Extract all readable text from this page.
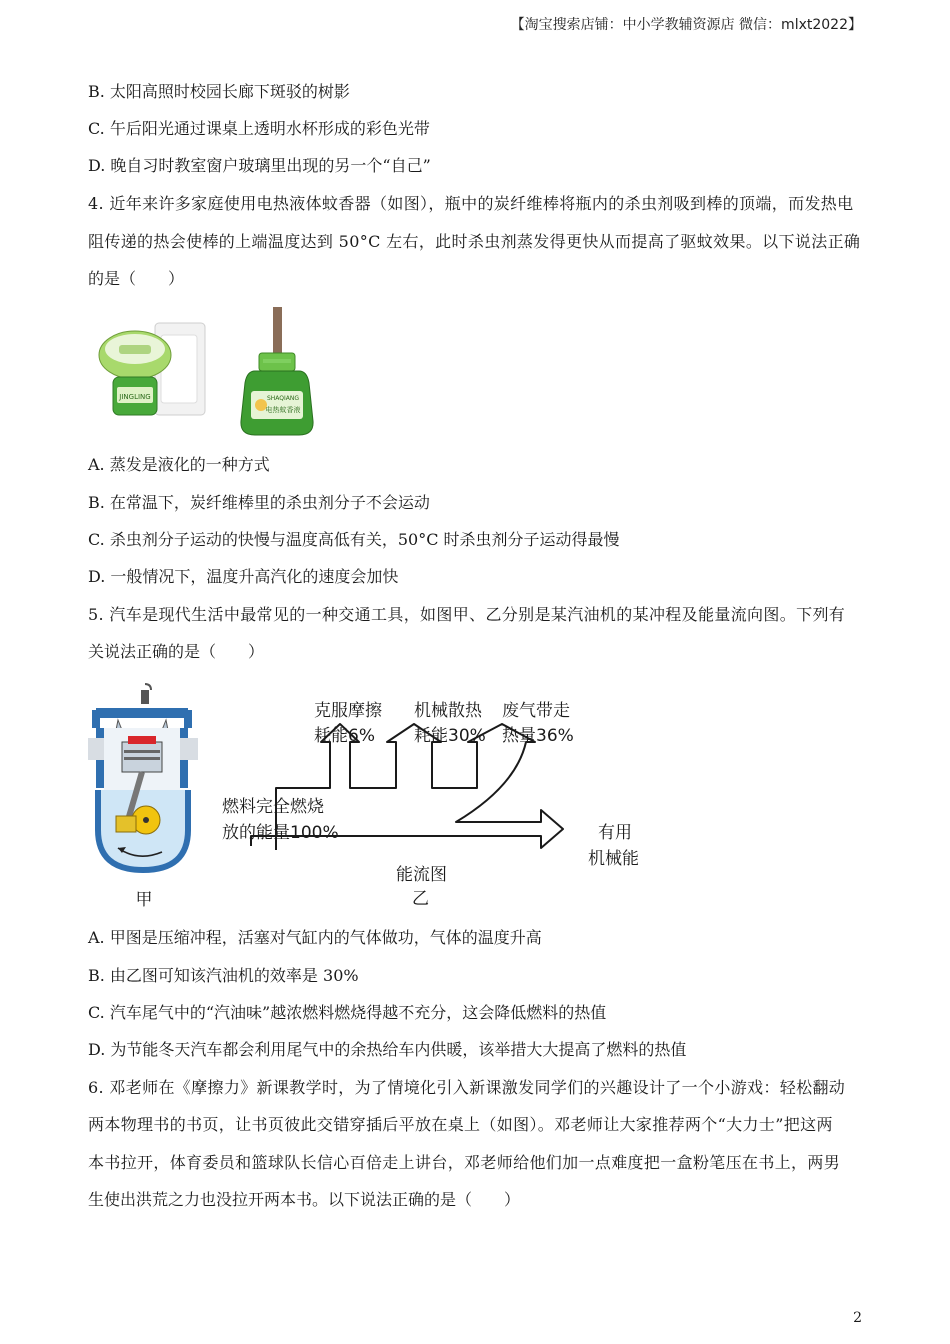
【淘宝搜索店铺：中小学教辅资源店 微信：mlxt2022】
B. 太阳高照时校园长廊下斑驳的树影
C. 午后阳光通过课桌上透明水杯形成的彩色光带
D. 晚自习时教室窗户玻璃里出现的另一个“自己”
4. 近年来许多家庭使用电热液体蚊香器（如图），瓶中的炭纤维棒将瓶内的杀虫剂吸到棒的顶端，而发热电
阻传递的热会使棒的上端温度达到 50°C 左右，此时杀虫剂蒸发得更快从而提高了驱蚊效果。以下说法正确
的是（　　）
JINGLING	SHAQIANG
电热蚊香液
A. 蒸发是液化的一种方式
B. 在常温下，炭纤维棒里的杀虫剂分子不会运动
C. 杀虫剂分子运动的快慢与温度高低有关，50°C 时杀虫剂分子运动得最慢
D. 一般情况下，温度升高汽化的速度会加快
5. 汽车是现代生活中最常见的一种交通工具，如图甲、乙分别是某汽油机的某冲程及能量流向图。下列有
关说法正确的是（　　）
甲
克服摩擦
耗能6%
机械散热
耗能30%
废气带走
热量36%
燃料完全燃烧
放的能量100%	有用
机械能
能流图
乙
A. 甲图是压缩冲程，活塞对气缸内的气体做功，气体的温度升高
B. 由乙图可知该汽油机的效率是 30%
C. 汽车尾气中的“汽油味”越浓燃料燃烧得越不充分，这会降低燃料的热值
D. 为节能冬天汽车都会利用尾气中的余热给车内供暖，该举措大大提高了燃料的热值
6. 邓老师在《摩擦力》新课教学时，为了情境化引入新课激发同学们的兴趣设计了一个小游戏：轻松翻动
两本物理书的书页，让书页彼此交错穿插后平放在桌上（如图）。邓老师让大家推荐两个“大力士”把这两
本书拉开，体育委员和篮球队长信心百倍走上讲台，邓老师给他们加一点难度把一盒粉笔压在书上，两男
生使出洪荒之力也没拉开两本书。以下说法正确的是（　　）
2
